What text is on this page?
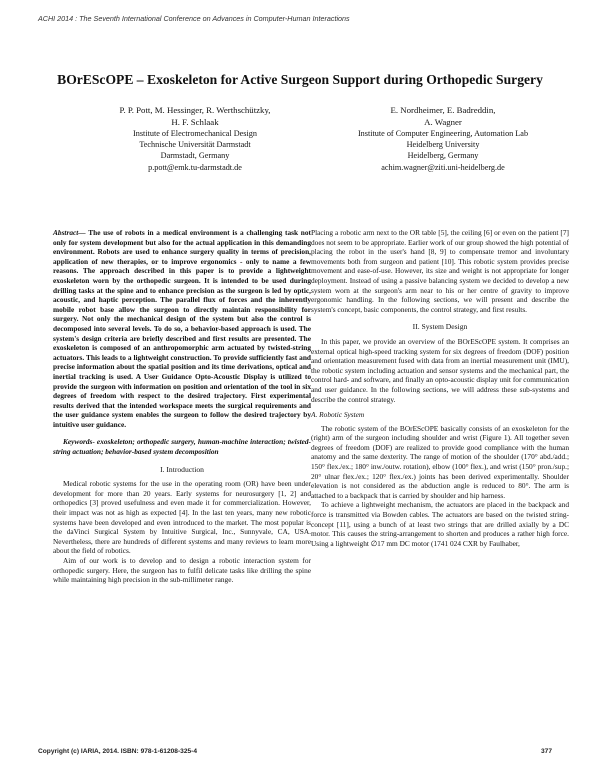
ACHI 2014 : The Seventh International Conference on Advances in Computer-Human Interactions
BOrEScOPE – Exoskeleton for Active Surgeon Support during Orthopedic Surgery
P. P. Pott, M. Hessinger, R. Werthschützky,
H. F. Schlaak
Institute of Electromechanical Design
Technische Universität Darmstadt
Darmstadt, Germany
p.pott@emk.tu-darmstadt.de
E. Nordheimer, E. Badreddin,
A. Wagner
Institute of Computer Engineering, Automation Lab
Heidelberg University
Heidelberg, Germany
achim.wagner@ziti.uni-heidelberg.de

Abstract— The use of robots in a medical environment is a challenging task not only for system development but also for the actual application in this demanding environment. Robots are used to enhance surgery quality in terms of precision, application of new therapies, or to improve ergonomics - only to name a few reasons. The approach described in this paper is to provide a lightweight exoskeleton worn by the orthopedic surgeon. It is intended to be used during drilling tasks at the spine and to enhance precision as the surgeon is led by optic, acoustic, and haptic perception. The parallel flux of forces and the inherently mobile robot base allow the surgeon to directly maintain responsibility for surgery. Not only the mechanical design of the system but also the control is decomposed into several levels. To do so, a behavior-based approach is used. The system's design criteria are briefly described and first results are presented. The exoskeleton is composed of an anthropomorphic arm actuated by twisted-string actuators. This leads to a lightweight construction. To provide sufficiently fast and precise information about the spatial position and its time derivations, optical and inertial tracking is used. A User Guidance Opto-Acoustic Display is utilized to provide the surgeon with information on position and orientation of the tool in six degrees of freedom with respect to the desired trajectory. First experimental results derived that the intended workspace meets the surgical requirements and the user guidance system enables the surgeon to follow the desired trajectory by intuitive user guidance.

Keywords- exoskeleton; orthopedic surgery, human-machine interaction; twisted-string actuation; behavior-based system decomposition

I. Introduction

Medical robotic systems for the use in the operating room (OR) have been under development for more than 20 years. Early systems for neurosurgery [1, 2] and orthopedics [3] proved usefulness and even made it for commercialization. However, their impact was not as high as expected [4]. In the last ten years, many new robotic systems have been developed and even introduced to the market. The most popular is the daVinci Surgical System by Intuitive Surgical, Inc., Sunnyvale, CA, USA. Nevertheless, there are hundreds of different systems and many reviews to learn more about the field of robotics.

Aim of our work is to develop and to design a robotic interaction system for orthopedic surgery. Here, the surgeon has to fulfil delicate tasks like drilling the spine while maintaining high precision in the sub-millimeter range.

Placing a robotic arm next to the OR table [5], the ceiling [6] or even on the patient [7] does not seem to be appropriate. Earlier work of our group showed the high potential of placing the robot in the user's hand [8, 9] to compensate tremor and involuntary movements both from surgeon and patient [10]. This robotic system provides precise movement and ease-of-use. However, its size and weight is not appropriate for longer deployment. Instead of using a passive balancing system we decided to develop a new system worn at the surgeon's arm near to his or her centre of gravity to improve ergonomic handling. In the following sections, we will present and describe the system's concept, basic components, the control strategy, and first results.

II. System Design

In this paper, we provide an overview of the BOrEScOPE system. It comprises an external optical high-speed tracking system for six degrees of freedom (DOF) position and orientation measurement fused with data from an inertial measurement unit (IMU), the robotic system including actuation and sensor systems and the mechanical part, the control hard- and software, and finally an opto-acoustic display unit for communication and user guidance. In the following sections, we will address these sub-systems and describe the control strategy.

A. Robotic System

The robotic system of the BOrEScOPE basically consists of an exoskeleton for the (right) arm of the surgeon including shoulder and wrist (Figure 1). All together seven degrees of freedom (DOF) are realized to provide good compliance with the human anatomy and the same dexterity. The range of motion of the shoulder (170° abd./add.; 150° flex./ex.; 180° inw./outw. rotation), elbow (100° flex.), and wrist (150° pron./sup.; 20° ulnar flex./ex.; 120° flex./ex.) joints has been derived experimentally. Shoulder elevation is not considered as the abduction angle is reduced to 80°. The arm is attached to a backpack that is carried by shoulder and hip harness.

To achieve a lightweight mechanism, the actuators are placed in the backpack and force is transmitted via Bowden cables. The actuators are based on the twisted string-concept [11], using a bunch of at least two strings that are drilled axially by a DC motor. This causes the string-arrangement to shorten and produces a rather high force. Using a lightweight ∅17 mm DC motor (1741 024 CXR by Faulhaber,

Copyright (c) IARIA, 2014. ISBN: 978-1-61208-325-4	377
